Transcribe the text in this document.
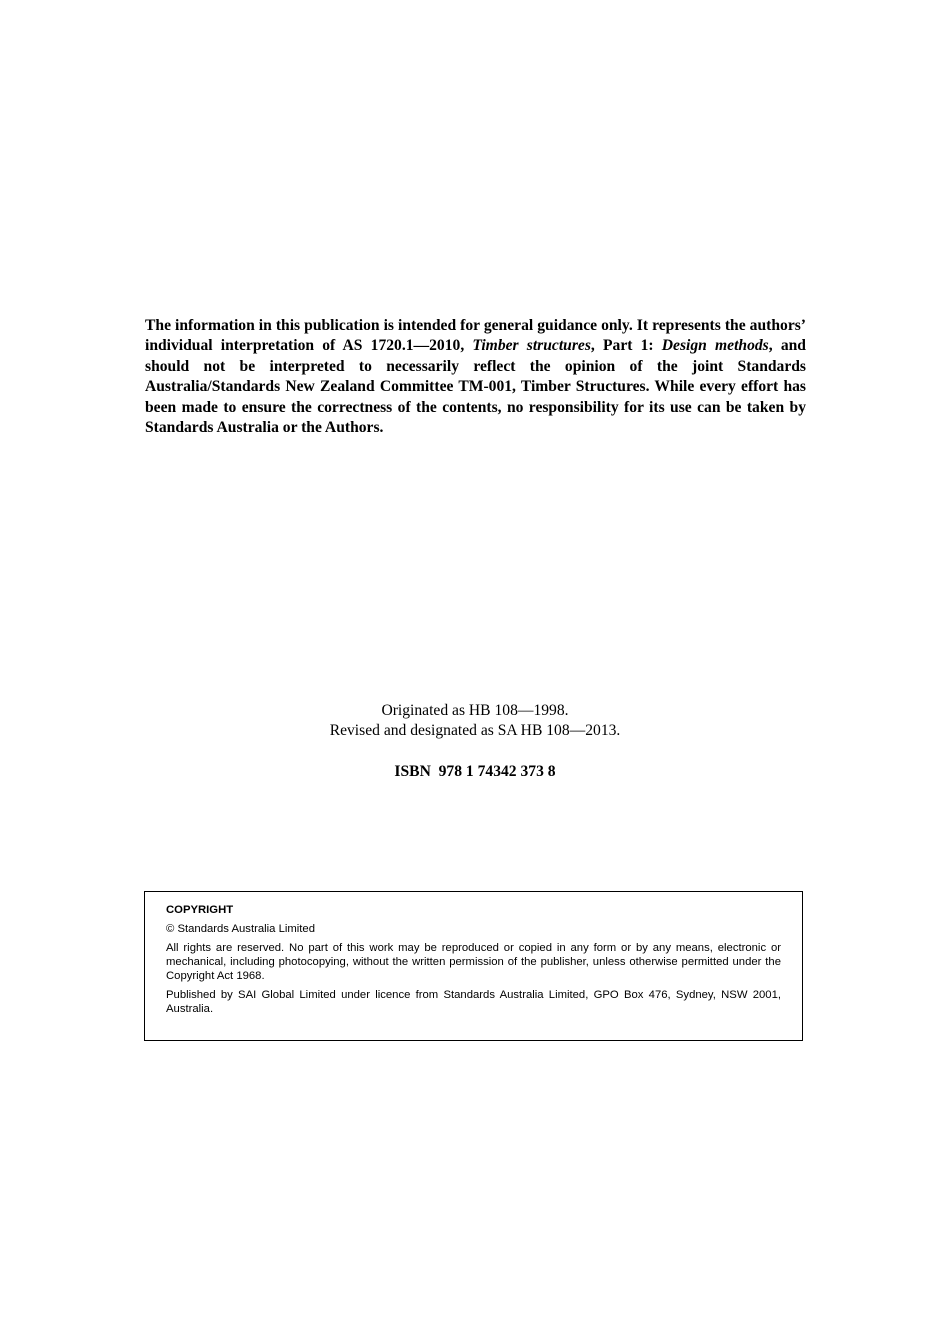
The information in this publication is intended for general guidance only. It represents the authors’ individual interpretation of AS 1720.1—2010, Timber structures, Part 1: Design methods, and should not be interpreted to necessarily reflect the opinion of the joint Standards Australia/Standards New Zealand Committee TM-001, Timber Structures. While every effort has been made to ensure the correctness of the contents, no responsibility for its use can be taken by Standards Australia or the Authors.

Originated as HB 108—1998.
Revised and designated as SA HB 108—2013.
ISBN  978 1 74342 373 8
COPYRIGHT
© Standards Australia Limited
All rights are reserved. No part of this work may be reproduced or copied in any form or by any means, electronic or mechanical, including photocopying, without the written permission of the publisher, unless otherwise permitted under the Copyright Act 1968.
Published by SAI Global Limited under licence from Standards Australia Limited, GPO Box 476, Sydney, NSW 2001, Australia.
